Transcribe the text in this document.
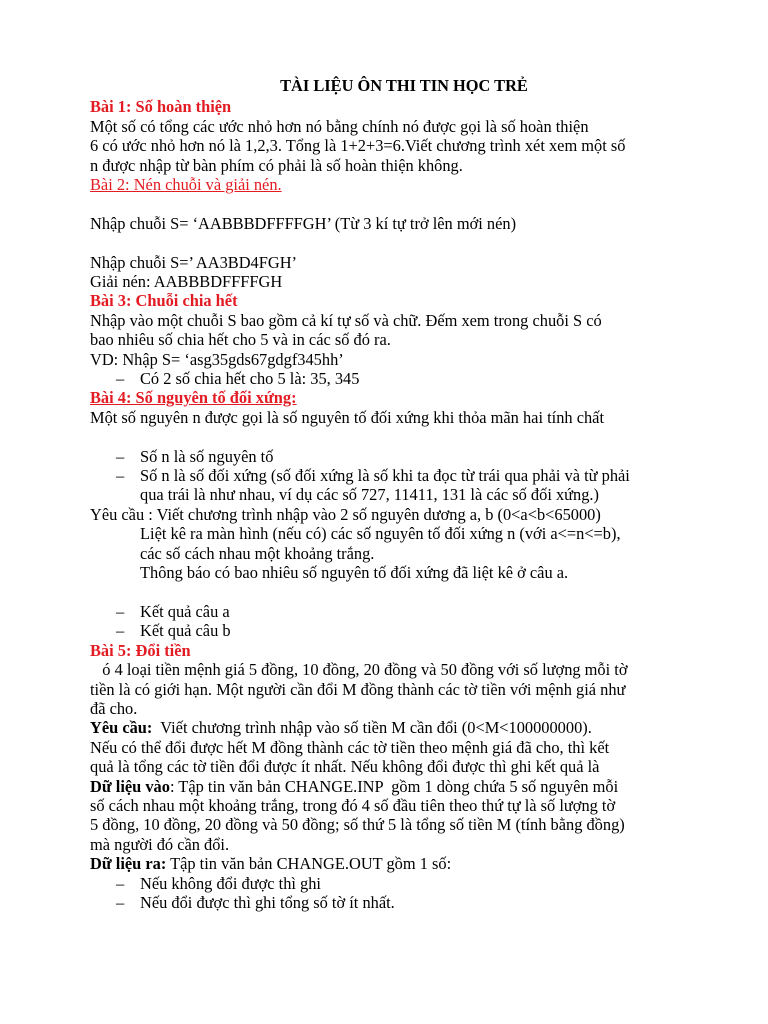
TÀI LIỆU ÔN THI TIN HỌC TRẺ

Bài 1: Số hoàn thiện

Một số có tổng các ước nhỏ hơn nó bằng chính nó được gọi là số hoàn thiện

6 có ước nhỏ hơn nó là 1,2,3. Tổng là 1+2+3=6.Viết chương trình xét xem một số

n được nhập từ bàn phím có phải là số hoàn thiện không.

Bài 2: Nén chuỗi và giải nén.

Nhập chuỗi S= ‘AABBBDFFFFGH’ (Từ 3 kí tự trở lên mới nén)

Nhập chuỗi S=’ AA3BD4FGH’

Giải nén: AABBBDFFFFGH

Bài 3: Chuỗi chia hết

Nhập vào một chuỗi S bao gồm cả kí tự số và chữ. Đếm xem trong chuỗi S có

bao nhiêu số chia hết cho 5 và in các số đó ra.

VD: Nhập S= ‘asg35gds67gdgf345hh’

– Có 2 số chia hết cho 5 là: 35, 345

Bài 4: Số nguyên tố đối xứng:

Một số nguyên n được gọi là số nguyên tố đối xứng khi thỏa mãn hai tính chất

– Số n là số nguyên tố

– Số n là số đối xứng (số đối xứng là số khi ta đọc từ trái qua phải và từ phải

qua trái là như nhau, ví dụ các số 727, 11411, 131 là các số đối xứng.)

Yêu cầu : Viết chương trình nhập vào 2 số nguyên dương a, b (0<a<b<65000)

Liệt kê ra màn hình (nếu có) các số nguyên tố đối xứng n (với a<=n<=b),

các số cách nhau một khoảng trắng.

Thông báo có bao nhiêu số nguyên tố đối xứng đã liệt kê ở câu a.

– Kết quả câu a

– Kết quả câu b

Bài 5: Đổi tiền

ó 4 loại tiền mệnh giá 5 đồng, 10 đồng, 20 đồng và 50 đồng với số lượng mỗi tờ

tiền là có giới hạn. Một người cần đổi M đồng thành các tờ tiền với mệnh giá như

đã cho.

Yêu cầu:  Viết chương trình nhập vào số tiền M cần đổi (0<M<100000000).

Nếu có thể đổi được hết M đồng thành các tờ tiền theo mệnh giá đã cho, thì kết

quả là tổng các tờ tiền đổi được ít nhất. Nếu không đổi được thì ghi kết quả là

Dữ liệu vào: Tập tin văn bản CHANGE.INP  gồm 1 dòng chứa 5 số nguyên mỗi

số cách nhau một khoảng trắng, trong đó 4 số đầu tiên theo thứ tự là số lượng tờ

5 đồng, 10 đồng, 20 đồng và 50 đồng; số thứ 5 là tổng số tiền M (tính bằng đồng)

mà người đó cần đổi.

Dữ liệu ra: Tập tin văn bản CHANGE.OUT gồm 1 số:

– Nếu không đổi được thì ghi

– Nếu đổi được thì ghi tổng số tờ ít nhất.
